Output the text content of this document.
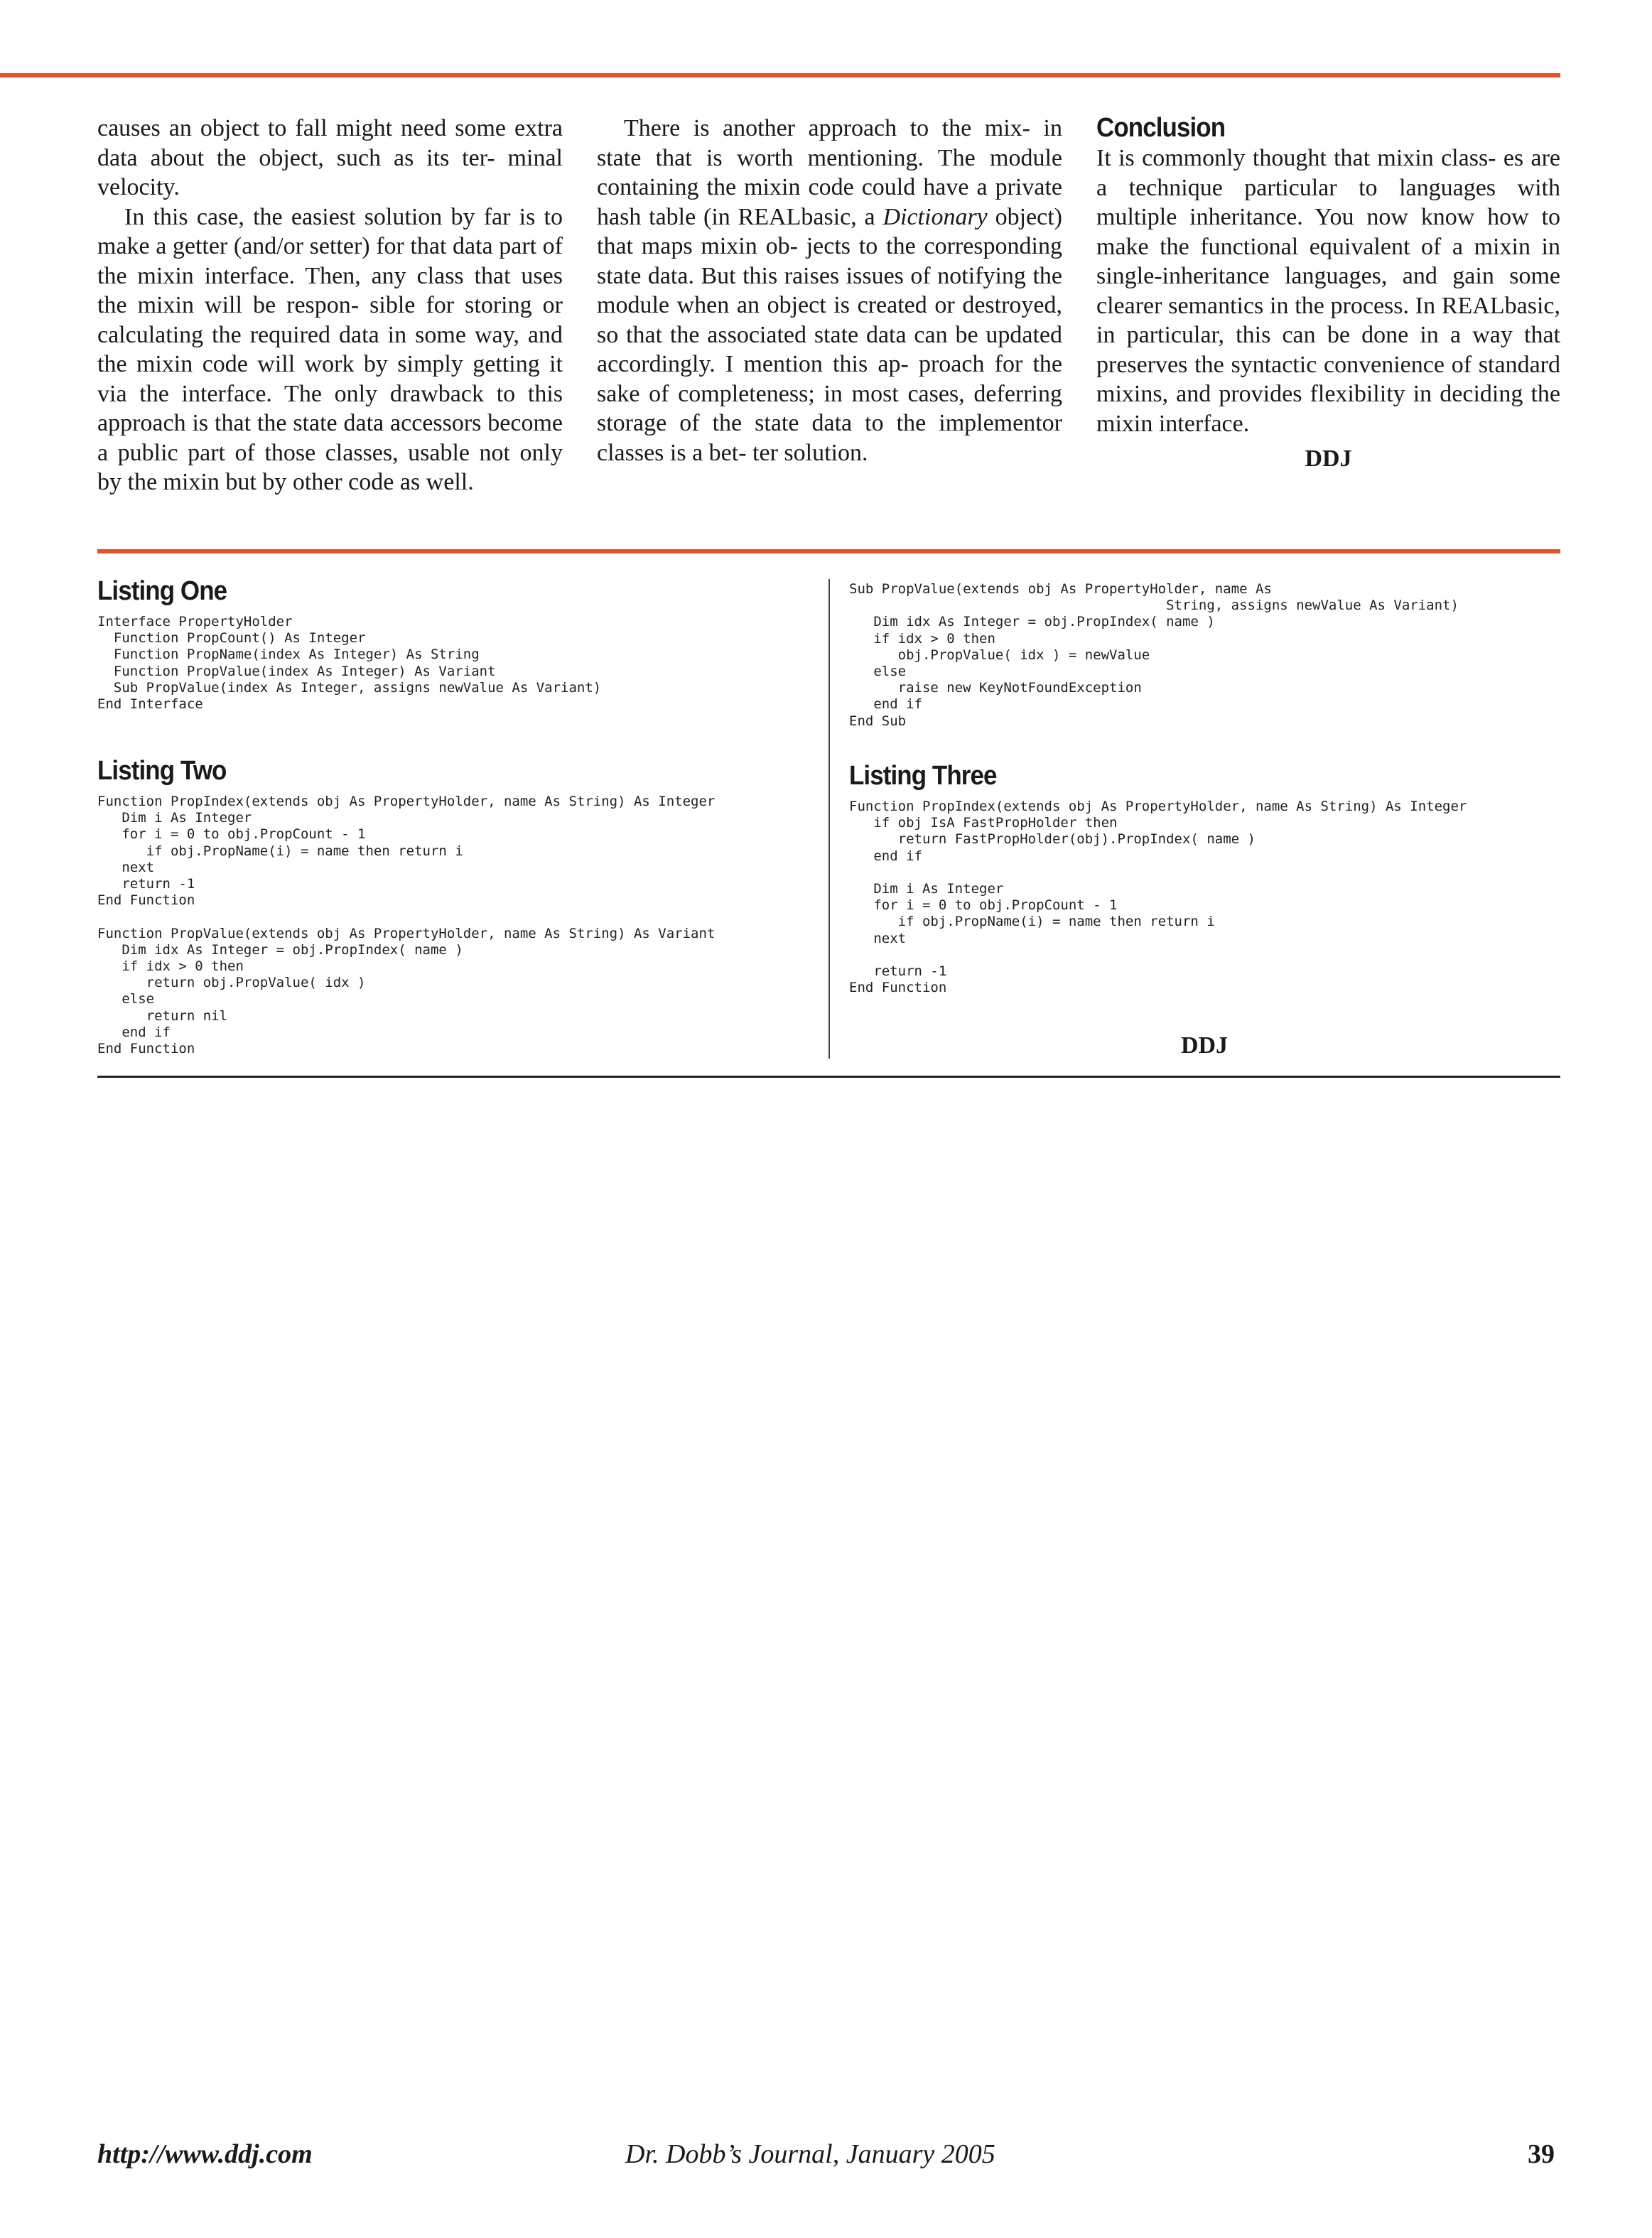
causes an object to fall might need some extra data about the object, such as its ter- minal velocity.

In this case, the easiest solution by far is to make a getter (and/or setter) for that data part of the mixin interface. Then, any class that uses the mixin will be respon- sible for storing or calculating the required data in some way, and the mixin code will work by simply getting it via the interface. The only drawback to this approach is that the state data accessors become a public part of those classes, usable not only by the mixin but by other code as well.

There is another approach to the mix- in state that is worth mentioning. The module containing the mixin code could have a private hash table (in REALbasic, a Dictionary object) that maps mixin ob- jects to the corresponding state data. But this raises issues of notifying the module when an object is created or destroyed, so that the associated state data can be updated accordingly. I mention this ap- proach for the sake of completeness; in most cases, deferring storage of the state data to the implementor classes is a bet- ter solution.

Conclusion

It is commonly thought that mixin class- es are a technique particular to languages with multiple inheritance. You now know how to make the functional equivalent of a mixin in single-inheritance languages, and gain some clearer semantics in the process. In REALbasic, in particular, this can be done in a way that preserves the syntactic convenience of standard mixins, and provides flexibility in deciding the mixin interface.

DDJ
Listing One
Interface PropertyHolder
Function PropCount() As Integer
Function PropName(index As Integer) As String
Function PropValue(index As Integer) As Variant
Sub PropValue(index As Integer, assigns newValue As Variant)
End Interface
Listing Two
Function PropIndex(extends obj As PropertyHolder, name As String) As Integer
Dim i As Integer
for i = 0 to obj.PropCount - 1
if obj.PropName(i) = name then return i
next
return -1
End Function

Function PropValue(extends obj As PropertyHolder, name As String) As Variant
Dim idx As Integer = obj.PropIndex( name )
if idx > 0 then
return obj.PropValue( idx )
else
return nil
end if
End Function
Sub PropValue(extends obj As PropertyHolder, name As
String, assigns newValue As Variant)
Dim idx As Integer = obj.PropIndex( name )
if idx > 0 then
obj.PropValue( idx ) = newValue
else
raise new KeyNotFoundException
end if
End Sub
Listing Three
Function PropIndex(extends obj As PropertyHolder, name As String) As Integer
if obj IsA FastPropHolder then
return FastPropHolder(obj).PropIndex( name )
end if

Dim i As Integer
for i = 0 to obj.PropCount - 1
if obj.PropName(i) = name then return i
next

return -1
End Function
DDJ
http://www.ddj.com	Dr. Dobb’s Journal, January 2005	39
